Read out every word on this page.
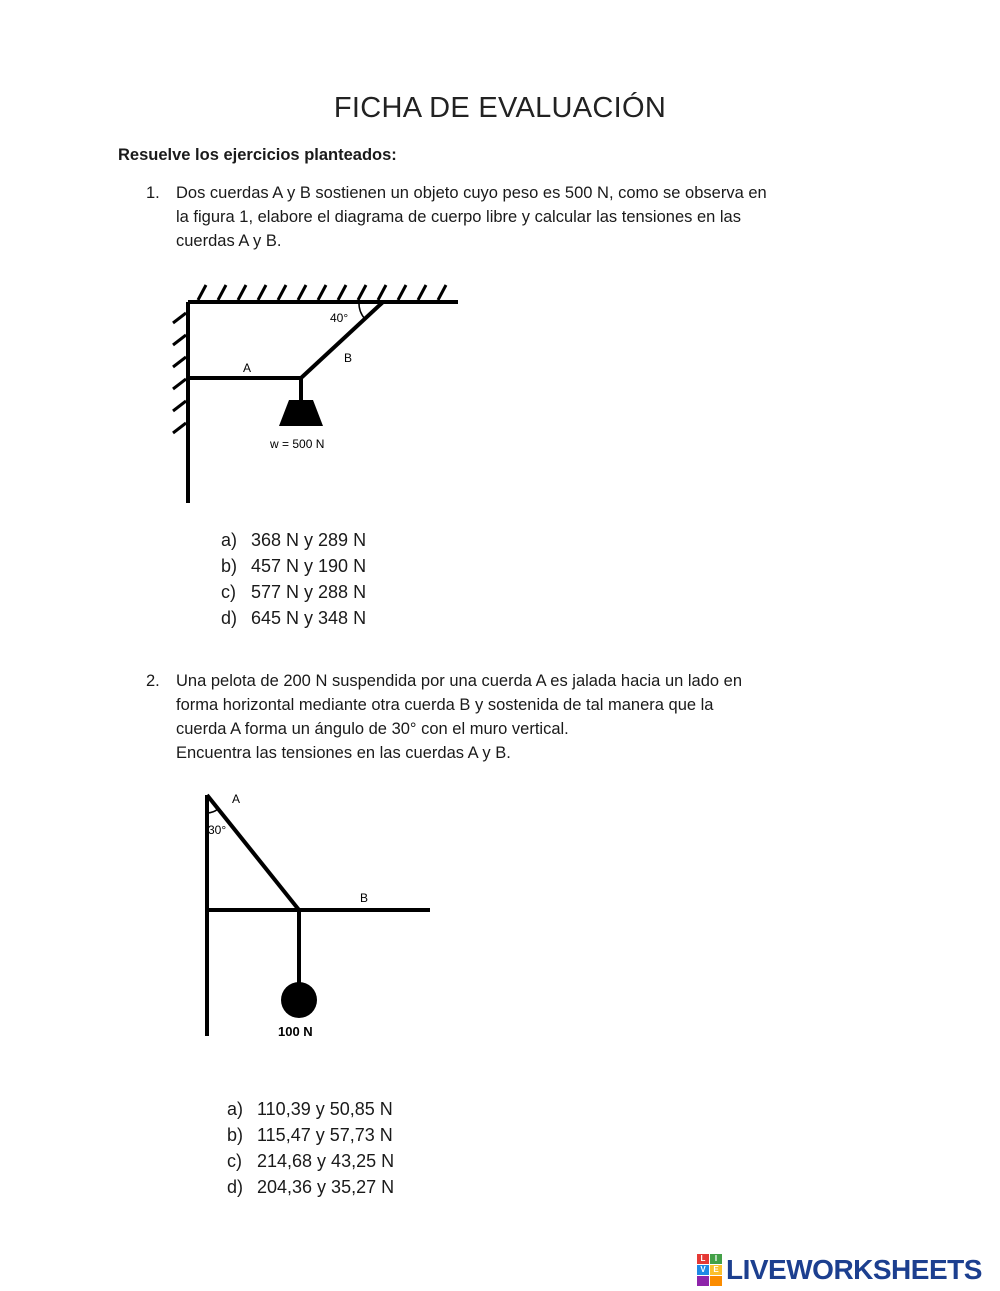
FICHA DE EVALUACIÓN
Resuelve los ejercicios planteados:
1. Dos cuerdas A y B sostienen un objeto cuyo peso es 500 N, como se observa en
la figura 1, elabore el diagrama de cuerpo libre y calcular las tensiones en las
cuerdas A y B.
40°
A
B
w = 500 N
a) 368 N y 289 N
b) 457 N y 190 N
c) 577 N y 288 N
d) 645 N y 348 N
2. Una pelota de 200 N suspendida por una cuerda A es jalada hacia un lado en
forma horizontal mediante otra cuerda B y sostenida de tal manera que la
cuerda A forma un ángulo de 30° con el muro vertical.
Encuentra las tensiones en las cuerdas A y B.
A
30°
B
100 N
a) 110,39 y 50,85 N
b) 115,47 y 57,73 N
c) 214,68 y 43,25 N
d) 204,36 y 35,27 N
L	I
V E LIVEWORKSHEETS
